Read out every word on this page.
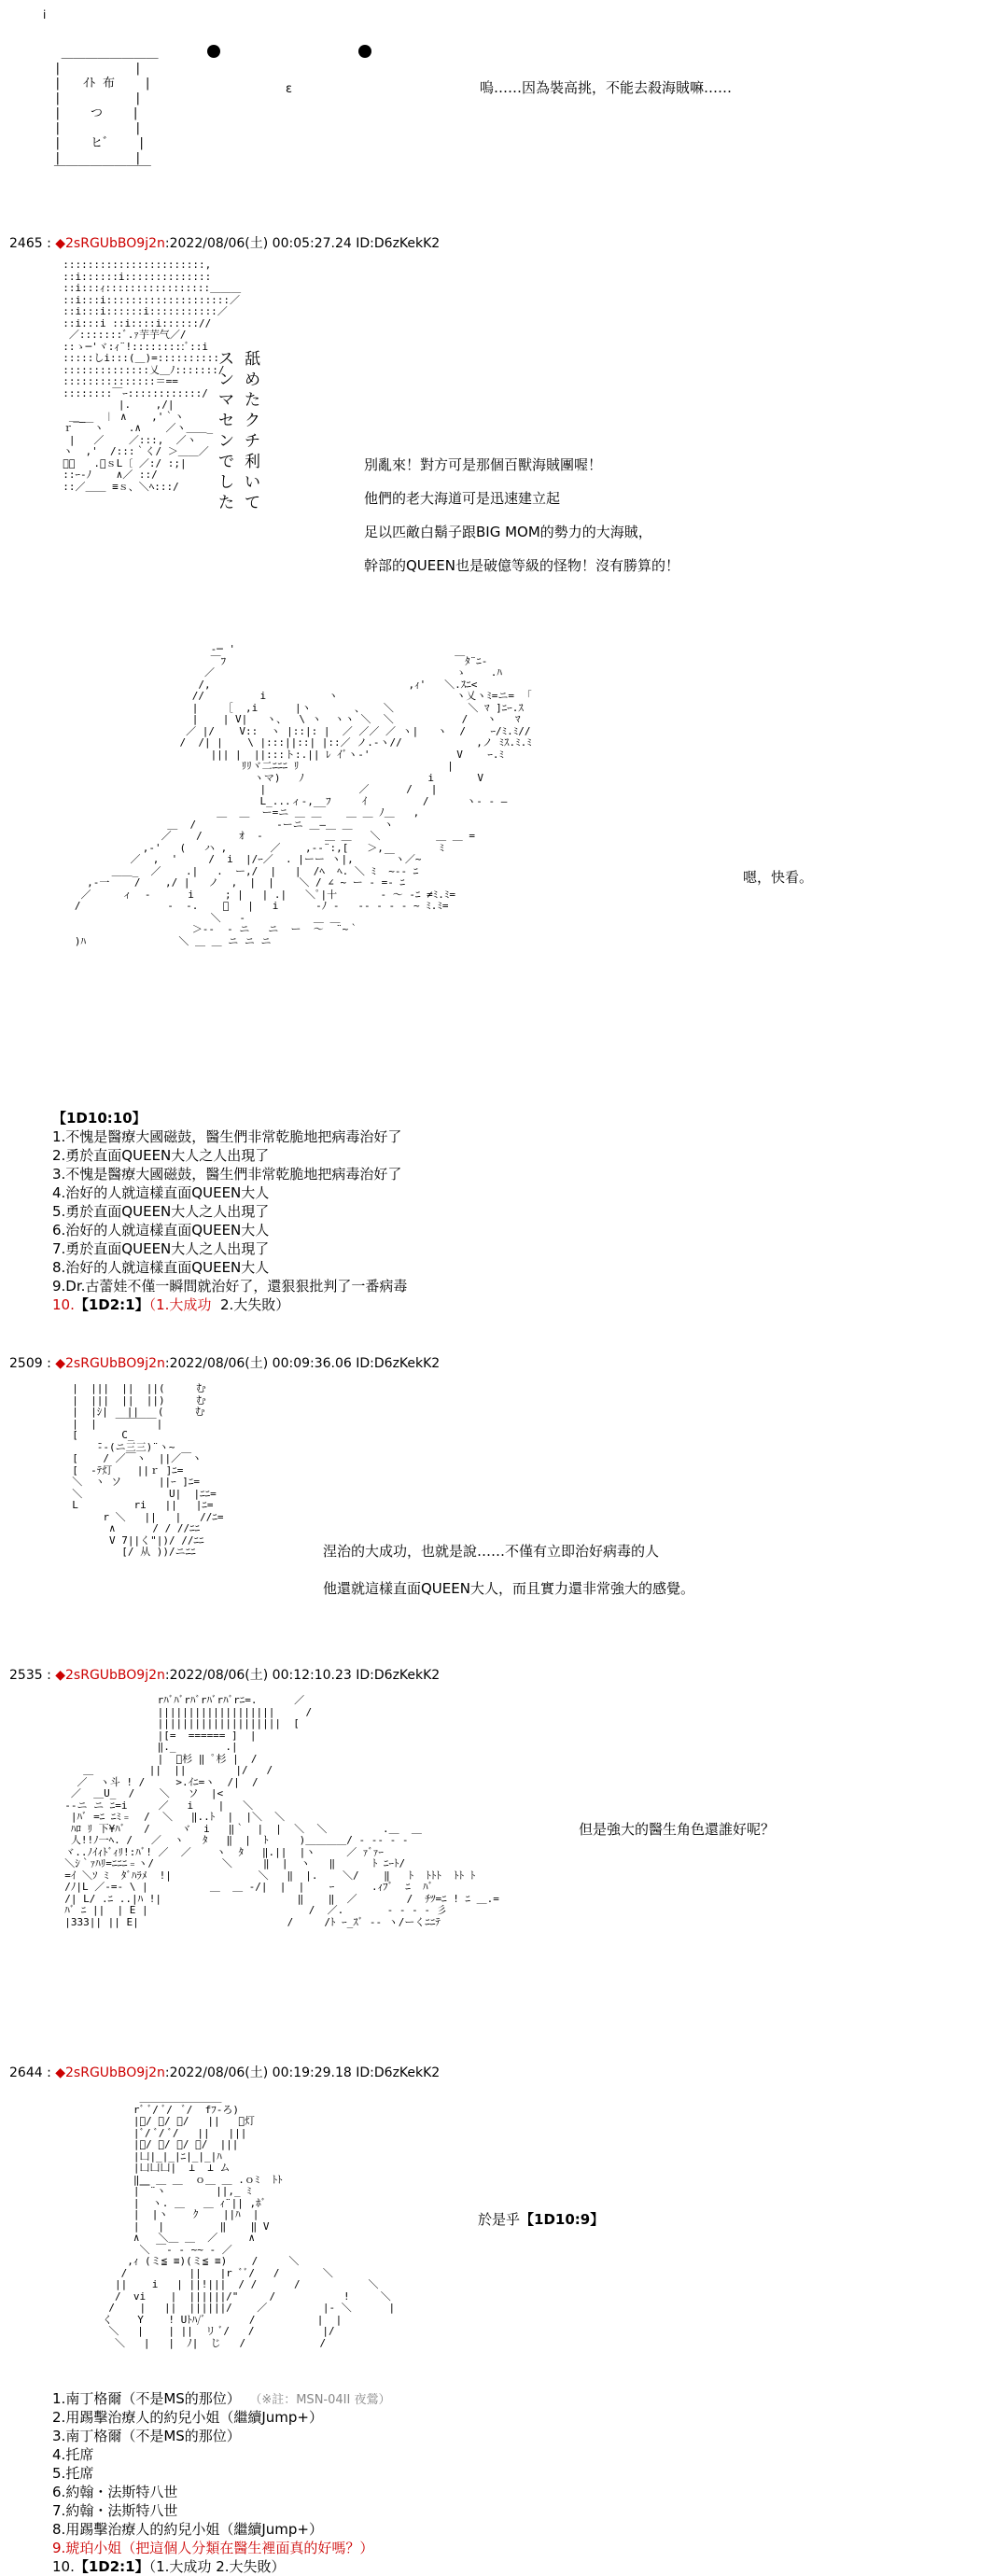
i
ε
＿＿＿＿＿＿＿＿
|          |
|   ｲﾄ 布    |
|          |
|    つ    |
|          |
|    ヒﾞ    |
|          |
￣￣￣￣￣￣￣￣
嗚……因為裝高挑，不能去殺海賊嘛……
2465 : ◆2sRGUbBO9j2n:2022/08/06(土) 00:05:27.24 ID:D6zKekK2
:::::::::::::::::::::::,
::i::::::i::::::::::::::
::i:::ｨ:::::::::::::::::＿＿＿
::i:::i::::::::::::::::::::／
::i:::i::::::i:::::::::::／
::i:::i ::i::::i:::::://
／:::::::ﾞ.ｧ芋芋气／/
::ゝ─'ヾ:ｨ¨!:::::::::ﾞ::i
:::::しi:::(＿)=::::::::::
::::::::::::::乂＿ﾉ:::::::/
:::::::::::::::＝==
::::::::￣ｰ::::::::::::/
|.    ,/|
＿_   ︱ ∧    ,'｀ヽ
ｒ￣￣ヽ    .∧    ／ヽ＿＿_
|   ／    ／:::,  ／ヽ
ヽ  ,'  /:::｀く/ ＞＿＿／
ﾟ｡   .｡ｓL〔 ／:/ :;|
::ｰ-ﾉ    ∧／ ::/
::／＿＿ ≡ｓ、＼ﾍ:::/
スンマセンでした
舐めたクチ利いて
別亂來！對方可是那個百獸海賊團喔！
他們的老大海道可是迅速建立起
足以匹敵白鬍子跟BIG MOM的勢力的大海賊，
幹部的QUEEN也是破億等級的怪物！沒有勝算的！
‐─ '
￣ﾌ                                     ￣ﾀ¨ﾆ-
／                                       ゝ    .ﾊ
/,                                ,ｨ'   ＼.ｽﾆ<
//         i          ヽ                   ヽ乂ヽﾐ=ニ=  ｢
|    ［  ,i      |ヽ       、   ＼            ＼ ﾏ ]ﾆｰ.ｽ
|    | V|   ヽ、  \ ヽ  ヽヽ ＼  ＼           /   ヽ   ﾏ
／ |/    V::  ヽ |::|: |  ／ ／／ ／ ヽ|   ヽ  /    ｰ/ﾐ.ﾐ//
/  /| |    \ |:::||::| |::／ ノ.-ヽ//            ,ノ ﾐｽ.ﾐ.ﾐ
||| |  ||:::ト:.|| ﾚ ｲﾞヽ-'              V    ｰ.ﾐ
ﾘﾘヾ二ﾆﾆﾆ ﾘ                        |
ヽマ)   ﾉ                    i       V
|               ／      /   |
L_...ィ-,__ﾌ     ｲ         /      ヽ- ‐ ―
＿  ＿  ー=ニ ＿ ＿    ＿ ＿ ﾉ＿   ,
＿  /             ‐ーニ ＿―＿ ＿     ヽ
／    /      ｵ  ‐          ＿ ＿   ＼         ＿ ＿ =
,-'   (   ハ ,       ／    ,-‐¨:,[   ＞,         ﾐ
／  ,  '     /  i  |/ｰ／  . |ーー ヽ|,     ￣ヽ／~
＿＿_  ／    .|   .  ー,/  |   |  /ﾍ  ﾍ. ＼ ﾐ  ~‐- ﾆ
,-一    /    ,/ |   ノ  ,  |  |    ＼ / ∠ ~ ー ‐ =- ﾆ
／     ィ  ‐      i     ; |   | .|   ＼ﾟ|十       ‐ 〜 ‐ﾆ ≠ﾐ.ﾐ=
/              ‐  ‐.    ﾟ   |   i      ‐ﾉ ‐   ‐‐ ‐ ‐ ‐ ~ ﾐ.ﾐ=
＼   ‐           ＿ ＿
＞‐‐  ‐ ニ   ニ  ー  ～  ¨~｀
)ﾊ               ＼ ＿ ＿ ニ ニ ニ
嗯，快看。
【1D10:10】
1.不愧是醫療大國磁鼓，醫生們非常乾脆地把病毒治好了
2.勇於直面QUEEN大人之人出現了
3.不愧是醫療大國磁鼓，醫生們非常乾脆地把病毒治好了
4.治好的人就這樣直面QUEEN大人
5.勇於直面QUEEN大人之人出現了
6.治好的人就這樣直面QUEEN大人
7.勇於直面QUEEN大人之人出現了
8.治好的人就這樣直面QUEEN大人
9.Dr.古蕾娃不僅一瞬間就治好了，還狠狠批判了一番病毒
10.【1D2:1】（1.大成功 2.大失敗）
2509 : ◆2sRGUbBO9j2n:2022/08/06(土) 00:09:36.06 ID:D6zKekK2
|  |||  ||  ||(     む
|  |||  ||  ||)     む
|  |ｼ|   ||   (     む
|  |   ￣￣￣￣|
[       C_
̄‐‐(ニ三三)¨ヽ~
[    / ／￣ヽ  ||／￣ヽ
[  -ﾃ灯    ||ｒ ]ﾆ=
＼  ヽ ソ      ||ｰ ]ﾆ=
＼              U|  |ﾆﾆ=
L         ri   ||   |ﾆ=
r ＼   ||   |   //ﾆ=
∧      / / //ﾆﾆ
V 7||く"|)/ //ﾆﾆ
[/ 从 ))/ニﾆﾆ	涅治的大成功，也就是說……不僅有立即治好病毒的人
他還就這樣直面QUEEN大人，而且實力還非常強大的感覺。
2535 : ◆2sRGUbBO9j2n:2022/08/06(土) 00:12:10.23 ID:D6zKekK2
rﾊﾞﾊﾞrﾊﾞrﾊﾞrﾊﾞrﾆ=.      ／
|||||||||||||||||||     /
||||||||||||||||||||  [
|[=  ====== ]  |
‖._        .|
|  ﾟ杉 ‖ ﾟ杉 |  /
＿         ||  ||        |/   /
／  ヽ斗 ! /     >.ｲﾆ=ヽ  /|  /
／  ＿U_  /    ＼   ソ  |<
‐‐ニ ニ ﾆ=i     ／   i    |   ＼
|ﾊﾞ =ﾆ ﾆﾐ﹦  /  ＼   ‖..ﾄ  |  |＼  ＼
ﾊﾛ ﾘ 下¥ﾊﾞ   /     ヾ  i   ‖｀  |  |  ＼  ＼         .＿  ＿
人!!ﾉ一ﾍ. /   ／  ヽ   ﾀ   ‖  |  ﾄ     )＿＿＿＿/ ‐ ‐‐ ‐ ‐
ヾ..ﾉｲｨﾄﾞｨﾘ!:ﾊﾞ! ／  ／    ヽ  ﾀ   ‖.||  |ヽ     ／ ｧﾞｧｰ
＼ｼ｀ｧﾊﾘ=ﾆﾆﾆ﹦ヽ/           ＼     ‖  |  ヽ   ‖      ﾄ ﾆｰﾄ/
=ｲ ＼ｿ ﾐ  ﾀﾞﾊﾗﾒ  !|              ＼   ‖  |.    ＼/    ‖   ﾄ  ﾄﾄﾄ  ﾄﾄ ﾄ
/ﾉ|L ／‐=‐ \ |          ＿  ＿ ‐/|  |  |    ｰ      .ｨﾌﾞ  ﾆ  ﾊﾞ
/| L/ .ﾆ ..|ﾊ !|                      ‖    ‖  ／        /  ﾁﾂ=ﾆ ! ﾆ ＿.=
ﾊﾞ ﾆ ||  | E |                          /  ／.       ‐ ‐ - ‐ 彡
|333|| || E|                        /     /ﾄ ｰ_ｽﾞ ‐‐ ヽ/ーくﾆﾆﾃ
但是強大的醫生角色還誰好呢？
2644 : ◆2sRGUbBO9j2n:2022/08/06(土) 00:19:29.18 ID:D6zKekK2
＿＿＿＿＿＿＿＿
rﾞ ﾞ/ ﾞ/  ﾞ/  fﾌ‐ろ)
|ﾞ/ ﾞ/ ﾞ/   ||   ﾞ灯
|ﾞ/ ﾞ/ ﾞ/   ||   |||
|ﾞ/ ﾞ/ ﾞ/ ﾞ/  |||
|凵|_|_|ﾆ|_|_|ﾊ
|凵凵凵|  ⊥  ⊥ ム
‖＿ ＿ ＿  ｏ＿ ＿ .ｏﾐ  ﾄﾄ
|￣¨ヽ        ||,_ ﾐ
|  ヽ. ＿   ＿ ｨ¨|| ,ﾎﾞ
|  |ヽ    ｸ    ||ﾊ  |
|   |         ‖    ‖ V
∧   ＼＿ ＿  ／     ∧
＼ ￣‐ - ~~ ‐ ／
,ｨ (ミ≦ ≡)(ミ≦ ≡)    /     ＼
/          ||   |r ﾞﾞ/   /       ＼
||    i   | ||!|||  / /      /           ＼
/  vi    |  ||||||/"     /           !     ＼
/    |   ||  ||||||/    ／         |‐ ＼      |
く    Y    ! Uﾄﾊ/ﾞ       /          |  |
＼   |    | ||  リ ﾞ/   /           |/
＼   |   |  ﾉ|  じ   /            /
於是乎【1D10:9】
1.南丁格爾（不是MS的那位） （※註：MSN-04II 夜鶯）
2.用踢擊治療人的約兒小姐（繼續Jump+）
3.南丁格爾（不是MS的那位）
4.托席
5.托席
6.約翰・法斯特八世
7.約翰・法斯特八世
8.用踢擊治療人的約兒小姐（繼續Jump+）
9.琥珀小姐（把這個人分類在醫生裡面真的好嗎？）
10.【1D2:1】（1.大成功 2.大失敗）
